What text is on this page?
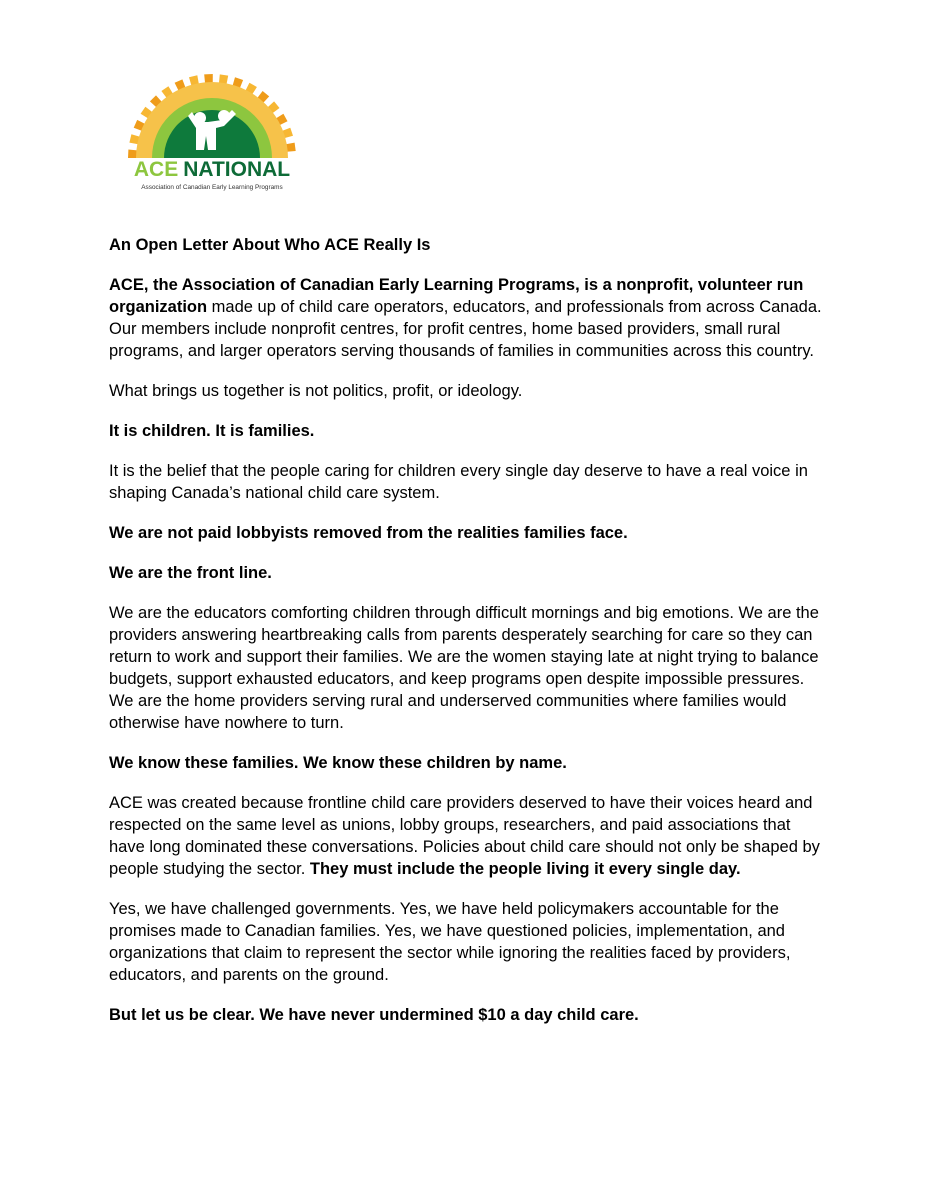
ACE NATIONAL
Association of Canadian Early Learning Programs
An Open Letter About Who ACE Really Is

ACE, the Association of Canadian Early Learning Programs, is a nonprofit, volunteer run organization made up of child care operators, educators, and professionals from across Canada. Our members include nonprofit centres, for profit centres, home based providers, small rural programs, and larger operators serving thousands of families in communities across this country.

What brings us together is not politics, profit, or ideology.

It is children. It is families.

It is the belief that the people caring for children every single day deserve to have a real voice in shaping Canada’s national child care system.

We are not paid lobbyists removed from the realities families face.

We are the front line.

We are the educators comforting children through difficult mornings and big emotions. We are the providers answering heartbreaking calls from parents desperately searching for care so they can return to work and support their families. We are the women staying late at night trying to balance budgets, support exhausted educators, and keep programs open despite impossible pressures. We are the home providers serving rural and underserved communities where families would otherwise have nowhere to turn.

We know these families. We know these children by name.

ACE was created because frontline child care providers deserved to have their voices heard and respected on the same level as unions, lobby groups, researchers, and paid associations that have long dominated these conversations. Policies about child care should not only be shaped by people studying the sector. They must include the people living it every single day.

Yes, we have challenged governments. Yes, we have held policymakers accountable for the promises made to Canadian families. Yes, we have questioned policies, implementation, and organizations that claim to represent the sector while ignoring the realities faced by providers, educators, and parents on the ground.

But let us be clear. We have never undermined $10 a day child care.
